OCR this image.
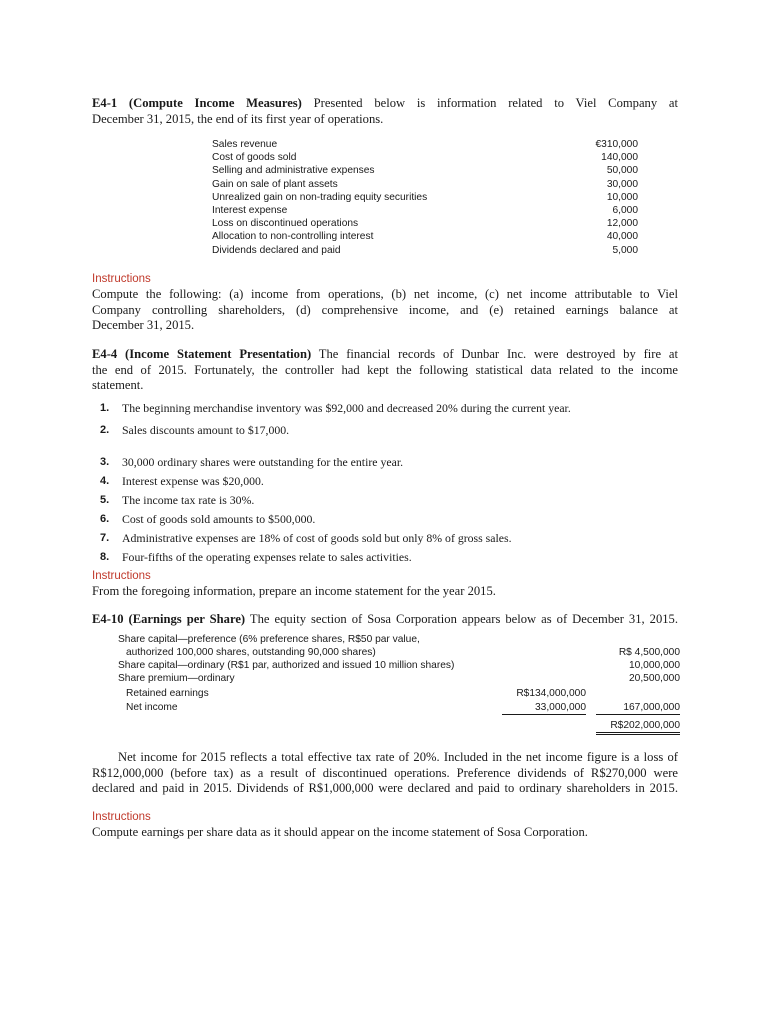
E4-1 (Compute Income Measures) Presented below is information related to Viel Company at

December 31, 2015, the end of its first year of operations.

Sales revenue	€310,000
Cost of goods sold	140,000
Selling and administrative expenses	50,000
Gain on sale of plant assets	30,000
Unrealized gain on non-trading equity securities	10,000
Interest expense	6,000
Loss on discontinued operations	12,000
Allocation to non-controlling interest	40,000
Dividends declared and paid	5,000

Instructions

Compute the following: (a) income from operations, (b) net income, (c) net income attributable to Viel

Company controlling shareholders, (d) comprehensive income, and (e) retained earnings balance at

December 31, 2015.

E4-4 (Income Statement Presentation) The financial records of Dunbar Inc. were destroyed by fire at

the end of 2015. Fortunately, the controller had kept the following statistical data related to the income

statement.

1.	The beginning merchandise inventory was $92,000 and decreased 20% during the current year.
2.	Sales discounts amount to $17,000.
3.	30,000 ordinary shares were outstanding for the entire year.
4.	Interest expense was $20,000.
5.	The income tax rate is 30%.
6.	Cost of goods sold amounts to $500,000.
7.	Administrative expenses are 18% of cost of goods sold but only 8% of gross sales.
8.	Four-fifths of the operating expenses relate to sales activities.

Instructions

From the foregoing information, prepare an income statement for the year 2015.

E4-10 (Earnings per Share) The equity section of Sosa Corporation appears below as of December 31, 2015.

Share capital—preference (6% preference shares, R$50 par value,
authorized 100,000 shares, outstanding 90,000 shares)	R$ 4,500,000
Share capital—ordinary (R$1 par, authorized and issued 10 million shares)	10,000,000
Share premium—ordinary	20,500,000
Retained earnings	R$134,000,000
Net income	33,000,000	167,000,000
R$202,000,000

Net income for 2015 reflects a total effective tax rate of 20%. Included in the net income figure is a loss of

R$12,000,000 (before tax) as a result of discontinued operations. Preference dividends of R$270,000 were

declared and paid in 2015. Dividends of R$1,000,000 were declared and paid to ordinary shareholders in 2015.

Instructions

Compute earnings per share data as it should appear on the income statement of Sosa Corporation.
